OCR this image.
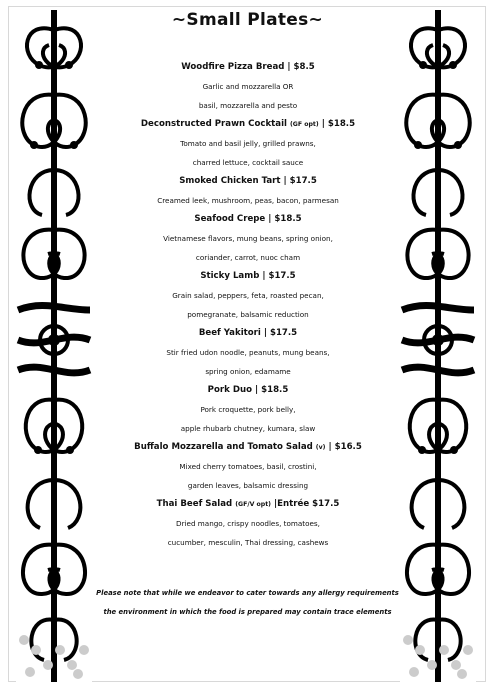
~Small Plates~
Woodfire Pizza Bread | $8.5
Garlic and mozzarella OR
basil, mozzarella and pesto
Deconstructed Prawn Cocktail (GF opt) | $18.5
Tomato and basil jelly, grilled prawns,
charred lettuce, cocktail sauce
Smoked Chicken Tart | $17.5
Creamed leek, mushroom, peas, bacon, parmesan
Seafood Crepe | $18.5
Vietnamese flavors, mung beans, spring onion,
coriander, carrot, nuoc cham
Sticky Lamb | $17.5
Grain salad, peppers, feta, roasted pecan,
pomegranate, balsamic reduction
Beef Yakitori | $17.5
Stir fried udon noodle, peanuts, mung beans,
spring onion, edamame
Pork Duo | $18.5
Pork croquette, pork belly,
apple rhubarb chutney, kumara, slaw
Buffalo Mozzarella and Tomato Salad (v) | $16.5
Mixed cherry tomatoes, basil, crostini,
garden leaves, balsamic dressing
Thai Beef Salad (GF/V opt) |Entrée $17.5
Dried mango, crispy noodles, tomatoes,
cucumber, mesculin, Thai dressing, cashews
Please note that while we endeavor to cater towards any allergy requirements
the environment in which the food is prepared may contain trace elements
